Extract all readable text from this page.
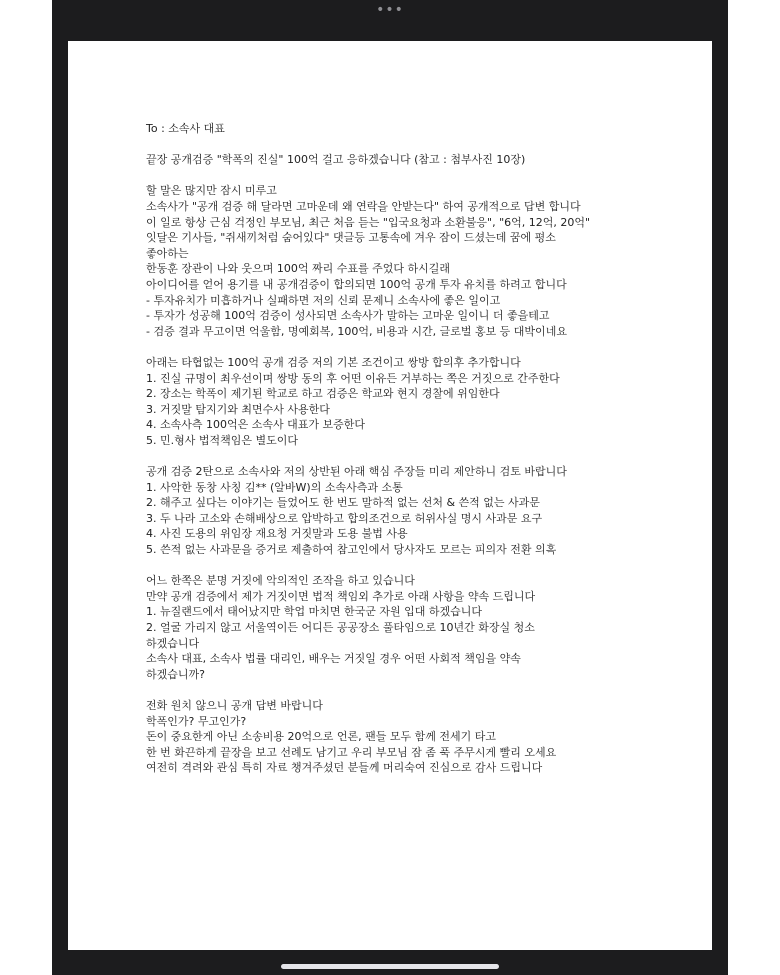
•••
To : 소속사 대표
끝장 공개검증 "학폭의 진실" 100억 걸고 응하겠습니다 (참고 : 첨부사진 10장)
할 말은 많지만 잠시 미루고
소속사가 "공개 검증 해 달라면 고마운데 왜 연락을 안받는다" 하여 공개적으로 답변 합니다
이 일로 항상 근심 걱정인 부모님, 최근 처음 듣는 "입국요청과 소환불응", "6억, 12억, 20억"
잇달은 기사들, "쥐새끼처럼 숨어있다" 댓글등 고통속에 겨우 잠이 드셨는데 꿈에 평소
좋아하는
한동훈 장관이 나와 웃으며 100억 짜리 수표를 주었다 하시길래
아이디어를 얻어 용기를 내 공개검증이 합의되면 100억 공개 투자 유치를 하려고 합니다
- 투자유치가 미흡하거나 실패하면 저의 신뢰 문제니 소속사에 좋은 일이고
- 투자가 성공해 100억 검증이 성사되면 소속사가 말하는 고마운 일이니 더 좋을테고
- 검증 결과 무고이면 억울함, 명예회복, 100억, 비용과 시간, 글로벌 홍보 등 대박이네요
아래는 타협없는 100억 공개 검증 저의 기본 조건이고 쌍방 합의후 추가합니다
1. 진실 규명이 최우선이며 쌍방 동의 후 어떤 이유든 거부하는 쪽은 거짓으로 간주한다
2. 장소는 학폭이 제기된 학교로 하고 검증은 학교와 현지 경찰에 위임한다
3. 거짓말 탐지기와 최면수사 사용한다
4. 소속사측 100억은 소속사 대표가 보증한다
5. 민.형사 법적책임은 별도이다
공개 검증 2탄으로 소속사와 저의 상반된 아래 핵심 주장들 미리 제안하니 검토 바랍니다
1. 사악한 동창 사칭 김** (알바W)의 소속사측과 소통
2. 해주고 싶다는 이야기는 들었어도 한 번도 말하적 없는 선처 & 쓴적 없는 사과문
3. 두 나라 고소와 손해배상으로 압박하고 합의조건으로 허위사실 명시 사과문 요구
4. 사진 도용의 위임장 재요청 거짓말과 도용 불법 사용
5. 쓴적 없는 사과문을 증거로 제출하여 참고인에서 당사자도 모르는 피의자 전환 의혹
어느 한쪽은 분명 거짓에 악의적인 조작을 하고 있습니다
만약 공개 검증에서 제가 거짓이면 법적 책임외 추가로 아래 사항을 약속 드립니다
1. 뉴질랜드에서 태어났지만 학업 마치면 한국군 자원 입대 하겠습니다
2. 얼굴 가리지 않고 서울역이든 어디든 공공장소 풀타임으로 10년간 화장실 청소
하겠습니다
소속사 대표, 소속사 법률 대리인, 배우는 거짓일 경우 어떤 사회적 책임을 약속
하겠습니까?
전화 원치 않으니 공개 답변 바랍니다
학폭인가? 무고인가?
돈이 중요한게 아닌 소송비용 20억으로 언론, 팬들 모두 함께 전세기 타고
한 번 화끈하게 끝장을 보고 선례도 남기고 우리 부모님 잠 좀 푹 주무시게 빨리 오세요
여전히 격려와 관심 특히 자료 챙겨주셨던 분들께 머리숙여 진심으로 감사 드립니다
